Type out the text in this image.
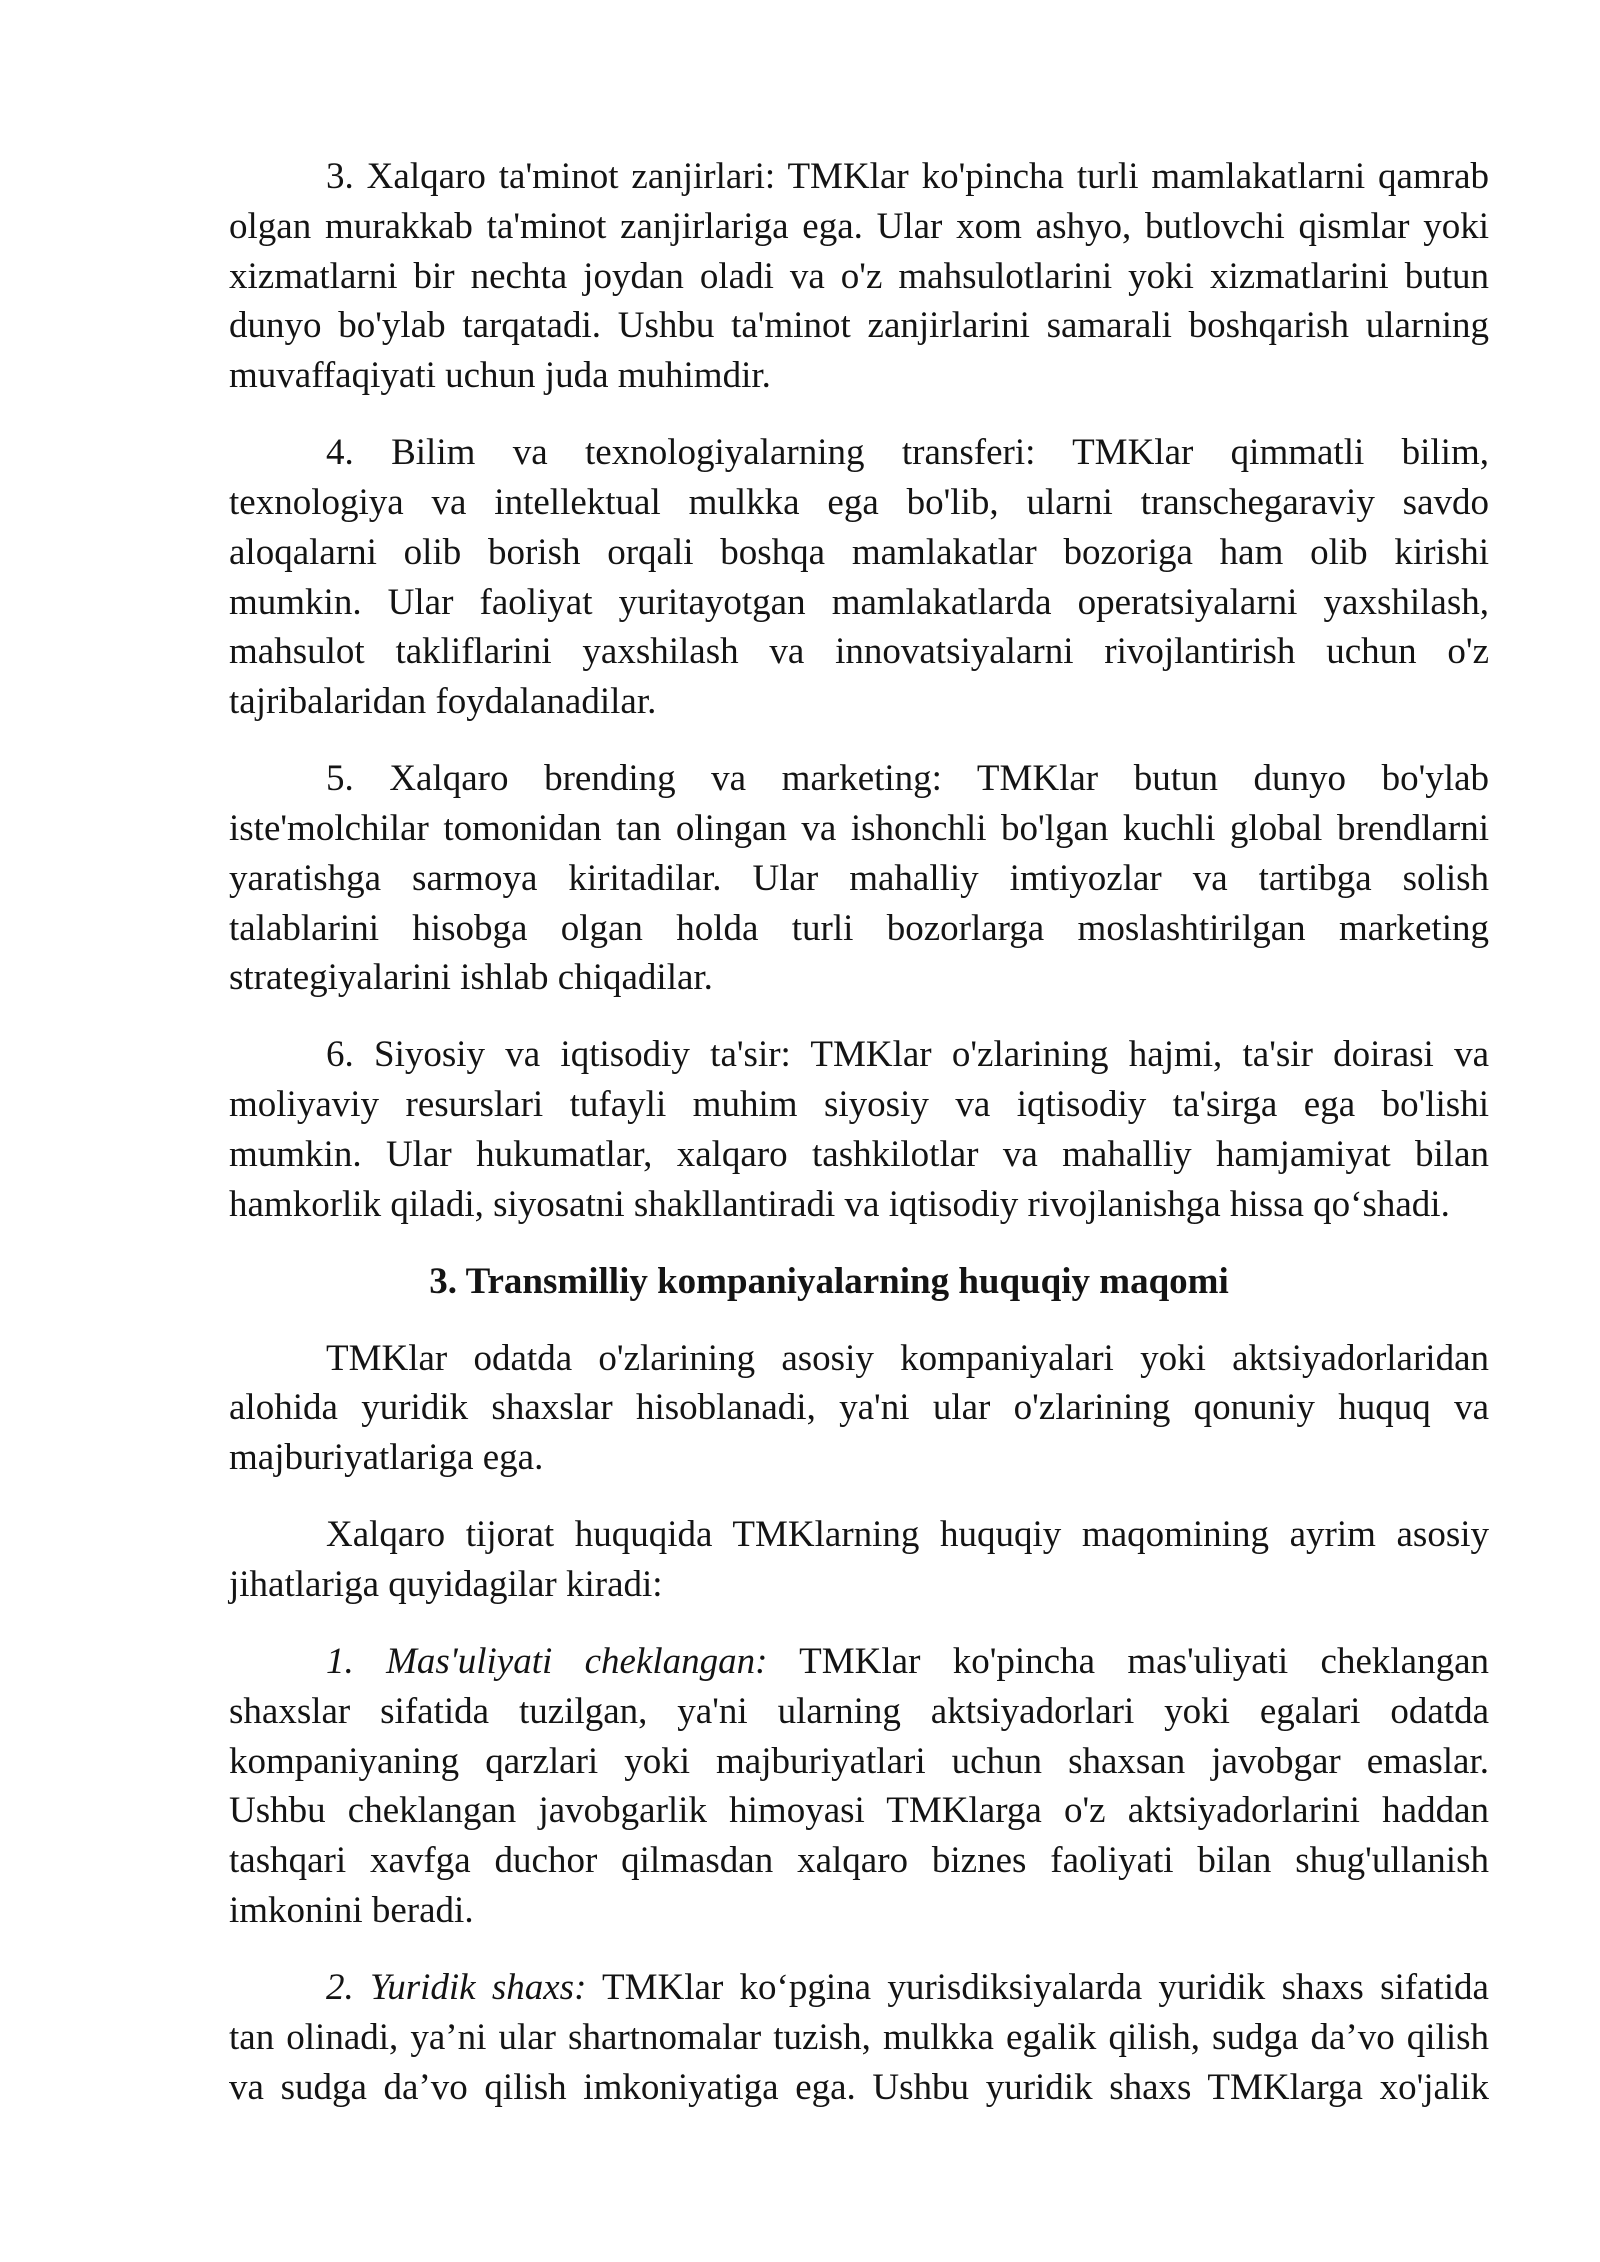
3. Xalqaro ta'minot zanjirlari: TMKlar ko'pincha turli mamlakatlarni qamrab
olgan murakkab ta'minot zanjirlariga ega. Ular xom ashyo, butlovchi qismlar yoki
xizmatlarni bir nechta joydan oladi va o'z mahsulotlarini yoki xizmatlarini butun
dunyo bo'ylab tarqatadi. Ushbu ta'minot zanjirlarini samarali boshqarish ularning
muvaffaqiyati uchun juda muhimdir.
4. Bilim va texnologiyalarning transferi: TMKlar qimmatli bilim,
texnologiya va intellektual mulkka ega bo'lib, ularni transchegaraviy savdo
aloqalarni olib borish orqali boshqa mamlakatlar bozoriga ham olib kirishi
mumkin. Ular faoliyat yuritayotgan mamlakatlarda operatsiyalarni yaxshilash,
mahsulot takliflarini yaxshilash va innovatsiyalarni rivojlantirish uchun o'z
tajribalaridan foydalanadilar.
5. Xalqaro brending va marketing: TMKlar butun dunyo bo'ylab
iste'molchilar tomonidan tan olingan va ishonchli bo'lgan kuchli global brendlarni
yaratishga sarmoya kiritadilar. Ular mahalliy imtiyozlar va tartibga solish
talablarini hisobga olgan holda turli bozorlarga moslashtirilgan marketing
strategiyalarini ishlab chiqadilar.
6. Siyosiy va iqtisodiy ta'sir: TMKlar o'zlarining hajmi, ta'sir doirasi va
moliyaviy resurslari tufayli muhim siyosiy va iqtisodiy ta'sirga ega bo'lishi
mumkin. Ular hukumatlar, xalqaro tashkilotlar va mahalliy hamjamiyat bilan
hamkorlik qiladi, siyosatni shakllantiradi va iqtisodiy rivojlanishga hissa qo‘shadi.
3. Transmilliy kompaniyalarning huquqiy maqomi
TMKlar odatda o'zlarining asosiy kompaniyalari yoki aktsiyadorlaridan
alohida yuridik shaxslar hisoblanadi, ya'ni ular o'zlarining qonuniy huquq va
majburiyatlariga ega.
Xalqaro tijorat huquqida TMKlarning huquqiy maqomining ayrim asosiy
jihatlariga quyidagilar kiradi:
1. Mas'uliyati cheklangan: TMKlar ko'pincha mas'uliyati cheklangan
shaxslar sifatida tuzilgan, ya'ni ularning aktsiyadorlari yoki egalari odatda
kompaniyaning qarzlari yoki majburiyatlari uchun shaxsan javobgar emaslar.
Ushbu cheklangan javobgarlik himoyasi TMKlarga o'z aktsiyadorlarini haddan
tashqari xavfga duchor qilmasdan xalqaro biznes faoliyati bilan shug'ullanish
imkonini beradi.
2. Yuridik shaxs: TMKlar ko‘pgina yurisdiksiyalarda yuridik shaxs sifatida
tan olinadi, ya’ni ular shartnomalar tuzish, mulkka egalik qilish, sudga da’vo qilish
va sudga da’vo qilish imkoniyatiga ega. Ushbu yuridik shaxs TMKlarga xo'jalik
